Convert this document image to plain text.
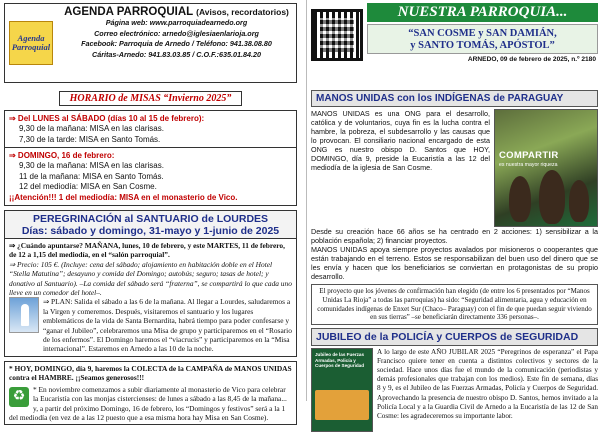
Agenda
Parroquial
AGENDA PARROQUIAL (Avisos, recordatorios)
Página web: www.parroquiadearnedo.org
Correo electrónico: arnedo@iglesiaenlarioja.org
Facebook: Parroquia de Arnedo / Teléfono: 941.38.08.80
Cáritas-Arnedo: 941.83.03.85 / C.O.F.:635.01.84.20
HORARIO de MISAS “Invierno 2025”
⇒ Del LUNES al SÁBADO (días 10 al 15 de febrero):
9,30 de la mañana: MISA en las clarisas.
7,30 de la tarde: MISA en Santo Tomás.
⇒ DOMINGO, 16 de febrero:
9,30 de la mañana: MISA en las clarisas.
11 de la mañana: MISA en Santo Tomás.
12 del mediodía: MISA en San Cosme.
¡¡Atención!!! 1 del mediodía: MISA en el monasterio de Vico.
PEREGRINACIÓN al SANTUARIO de LOURDES
Días: sábado y domingo, 31-mayo y 1-junio de 2025
⇒ ¿Cuándo apuntarse? MAÑANA, lunes, 10 de febrero, y este MARTES, 11 de febrero, de 12 a 1,15 del mediodía, en el “salón parroquial”.
⇒ Precio: 105 €. (Incluye: cena del sábado; alojamiento en habitación doble en el Hotel “Stella Matutina”; desayuno y comida del Domingo; autobús; seguro; tasas de hotel; y donativo al Santuario). –La comida del sábado será “fraterna”, se compartirá lo que cada uno lleve en un comedor del hotel–.
⇒ PLAN: Salida el sábado a las 6 de la mañana. Al llegar a Lourdes, saludaremos a la Virgen y comeremos. Después, visitaremos el santuario y los lugares emblemáticos de la vida de Santa Bernardita, habrá tiempo para poder confesarse y “ganar el Jubileo”, celebraremos una Misa de grupo y participaremos en el “Rosario de los enfermos”. El Domingo haremos el “viacrucis” y participaremos en la “Misa internacional”. Estaremos en Arnedo a las 10 de la noche.
* HOY, DOMINGO, día 9, haremos la COLECTA de la CAMPAÑA de MANOS UNIDAS contra el HAMBRE. ¡¡Seamos generosos!!!
♻	* En noviembre comenzamos a subir diariamente al monasterio de Vico para celebrar la Eucaristía con las monjas cistercienses: de lunes a sábado a las 8,45 de la mañana... y, a partir del próximo Domingo, 16 de febrero, los “Domingos y festivos” será a la 1 del mediodía (en vez de a las 12 puesto que a esa misma hora hay Misa en San Cosme).
NUESTRA PARROQUIA...
“SAN COSME y SAN DAMIÁN,
y SANTO TOMÁS, APÓSTOL”
ARNEDO, 09 de febrero de 2025, n.º 2180
MANOS UNIDAS con los INDÍGENAS de PARAGUAY
MANOS UNIDAS es una ONG para el desarrollo, católica y de voluntarios, cuya fin es la lucha contra el hambre, la pobreza, el subdesarrollo y las causas que lo provocan. El consiliario nacional encargado de esta ONG es nuestro obispo D. Santos que HOY, DOMINGO, día 9, preside la Eucaristía a las 12 del mediodía de la iglesia de San Cosme.
COMPARTIR
es nuestra mayor riqueza
Desde su creación hace 66 años se ha centrado en 2 acciones: 1) sensibilizar a la población española; 2) financiar proyectos.
MANOS UNIDAS apoya siempre proyectos avalados por misioneros o cooperantes que están trabajando en el terreno. Estos se responsabilizan del buen uso del dinero que se les envía y hacen que los beneficiarios se conviertan en protagonistas de su propio desarrollo.
El proyecto que los jóvenes de confirmación han elegido (de entre los 6 presentados por “Manos Unidas La Rioja” a todas las parroquias) ha sido: “Seguridad alimentaria, agua y educación en comunidades indígenas de Enxet Sur (Chaco– Paraguay) con el fin de que puedan seguir viviendo en sus tierras” –se beneficiarán directamente 336 personas–.
JUBILEO de la POLICÍA y CUERPOS de SEGURIDAD
Jubileo de las Fuerzas Armadas, Policía y Cuerpos de Seguridad
A lo largo de este AÑO JUBILAR 2025 “Peregrinos de esperanza” el Papa Francisco quiere tener en cuenta a distintos colectivos y sectores de la sociedad. Hace unos días fue el mundo de la comunicación (periodistas y demás profesionales que trabajan con los medios). Este fin de semana, días 8 y 9, es el Jubileo de las Fuerzas Armadas, Policía y Cuerpos de Seguridad. Aprovechando la presencia de nuestro obispo D. Santos, hemos invitado a la Policía Local y a la Guardia Civil de Arnedo a la Eucaristía de las 12 de San Cosme: les agradeceremos su importante labor.
